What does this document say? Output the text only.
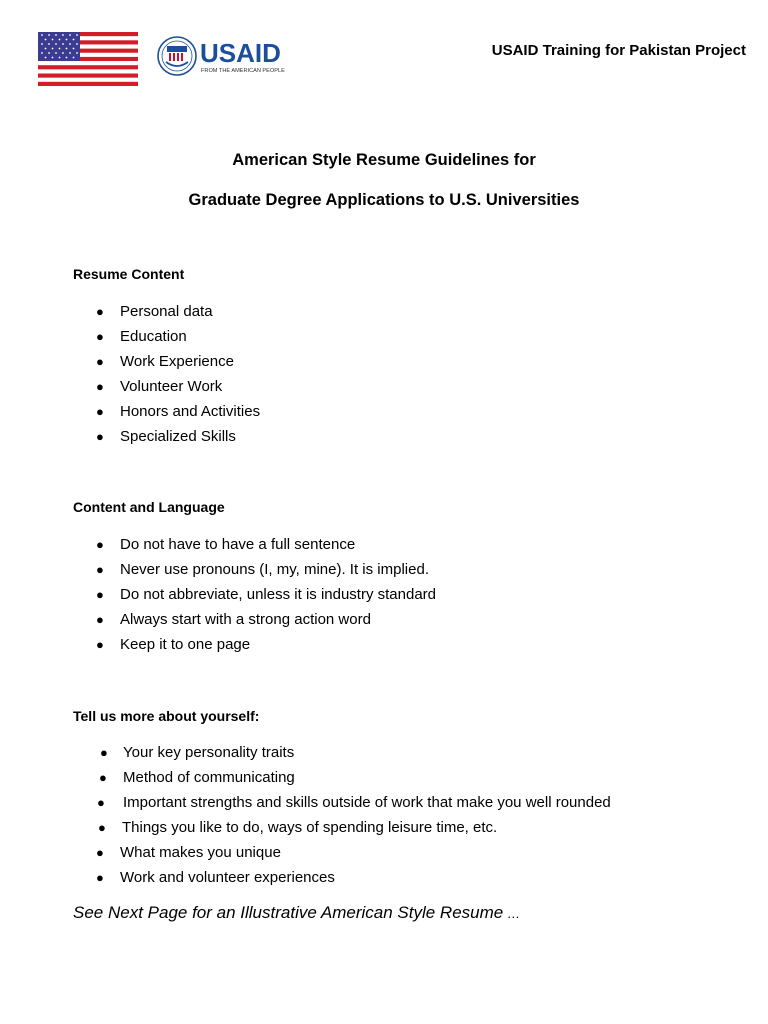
USAID
FROM THE AMERICAN PEOPLE
USAID Training for Pakistan Project
American Style Resume Guidelines for
Graduate Degree Applications to U.S. Universities
Resume Content
● Personal data
● Education
● Work Experience
● Volunteer Work
● Honors and Activities
● Specialized Skills
Content and Language
● Do not have to have a full sentence
● Never use pronouns (I, my, mine). It is implied.
● Do not abbreviate, unless it is industry standard
● Always start with a strong action word
● Keep it to one page
Tell us more about yourself:
● Your key personality traits
● Method of communicating
● Important strengths and skills outside of work that make you well rounded
● Things you like to do, ways of spending leisure time, etc.
● What makes you unique
● Work and volunteer experiences
See Next Page for an Illustrative American Style Resume …
